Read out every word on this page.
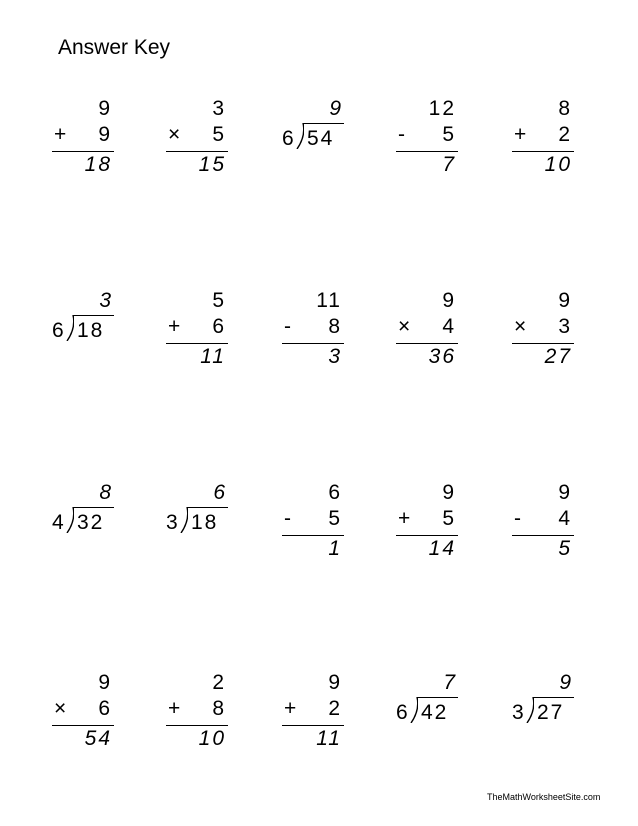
Answer Key
9
+ 9
18
3
× 5
15
9
6 54
12
- 5
7
8
+ 2
10
3
6 18
5
+ 6
11
11
- 8
3
9
× 4
36
9
× 3
27
8
4 32
6
3 18
6
- 5
1
9
+ 5
14
9
- 4
5
9
× 6
54
2
+ 8
10
9
+ 2
11
7
6 42
9
3 27
TheMathWorksheetSite.com
